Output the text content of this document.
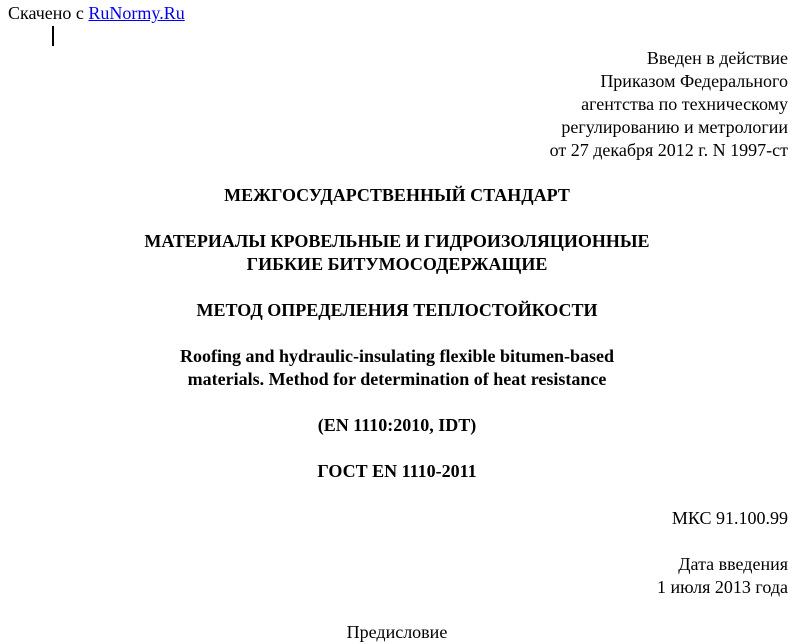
Скачено с RuNormy.Ru
Введен в действие
Приказом Федерального
агентства по техническому
регулированию и метрологии
от 27 декабря 2012 г. N 1997-ст
МЕЖГОСУДАРСТВЕННЫЙ СТАНДАРТ
МАТЕРИАЛЫ КРОВЕЛЬНЫЕ И ГИДРОИЗОЛЯЦИОННЫЕ
ГИБКИЕ БИТУМОСОДЕРЖАЩИЕ
МЕТОД ОПРЕДЕЛЕНИЯ ТЕПЛОСТОЙКОСТИ
Roofing and hydraulic-insulating flexible bitumen-based
materials. Method for determination of heat resistance
(EN 1110:2010, IDT)
ГОСТ EN 1110-2011
МКС 91.100.99
Дата введения
1 июля 2013 года
Предисловие
